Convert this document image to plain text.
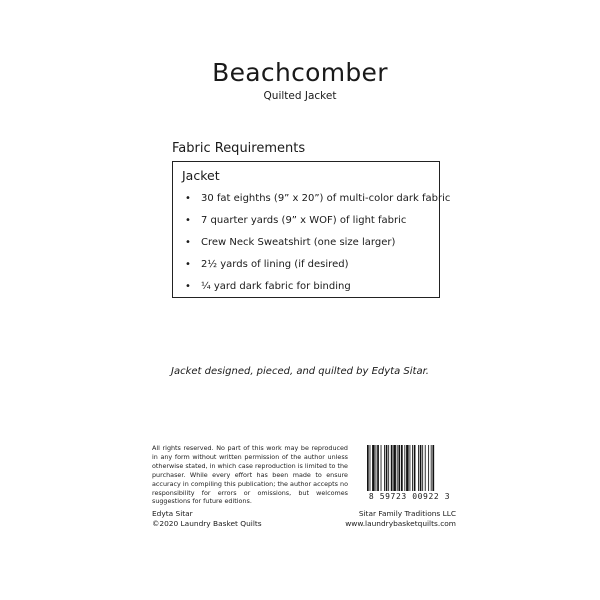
Beachcomber
Quilted Jacket
Fabric Requirements
Jacket
• 30 fat eighths (9” x 20”) of multi-color dark fabric
• 7 quarter yards (9” x WOF) of light fabric
• Crew Neck Sweatshirt (one size larger)
• 2½ yards of lining (if desired)
• ¼ yard dark fabric for binding
Jacket designed, pieced, and quilted by Edyta Sitar.
All rights reserved. No part of this work may be reproduced in any form without written permission of the author unless otherwise stated, in which case reproduction is limited to the purchaser. While every effort has been made to ensure accuracy in compiling this publication; the author accepts no responsibility for errors or omissions, but welcomes suggestions for future editions.
8 59723 00922 3
Edyta Sitar
©2020 Laundry Basket Quilts
Sitar Family Traditions LLC
www.laundrybasketquilts.com
